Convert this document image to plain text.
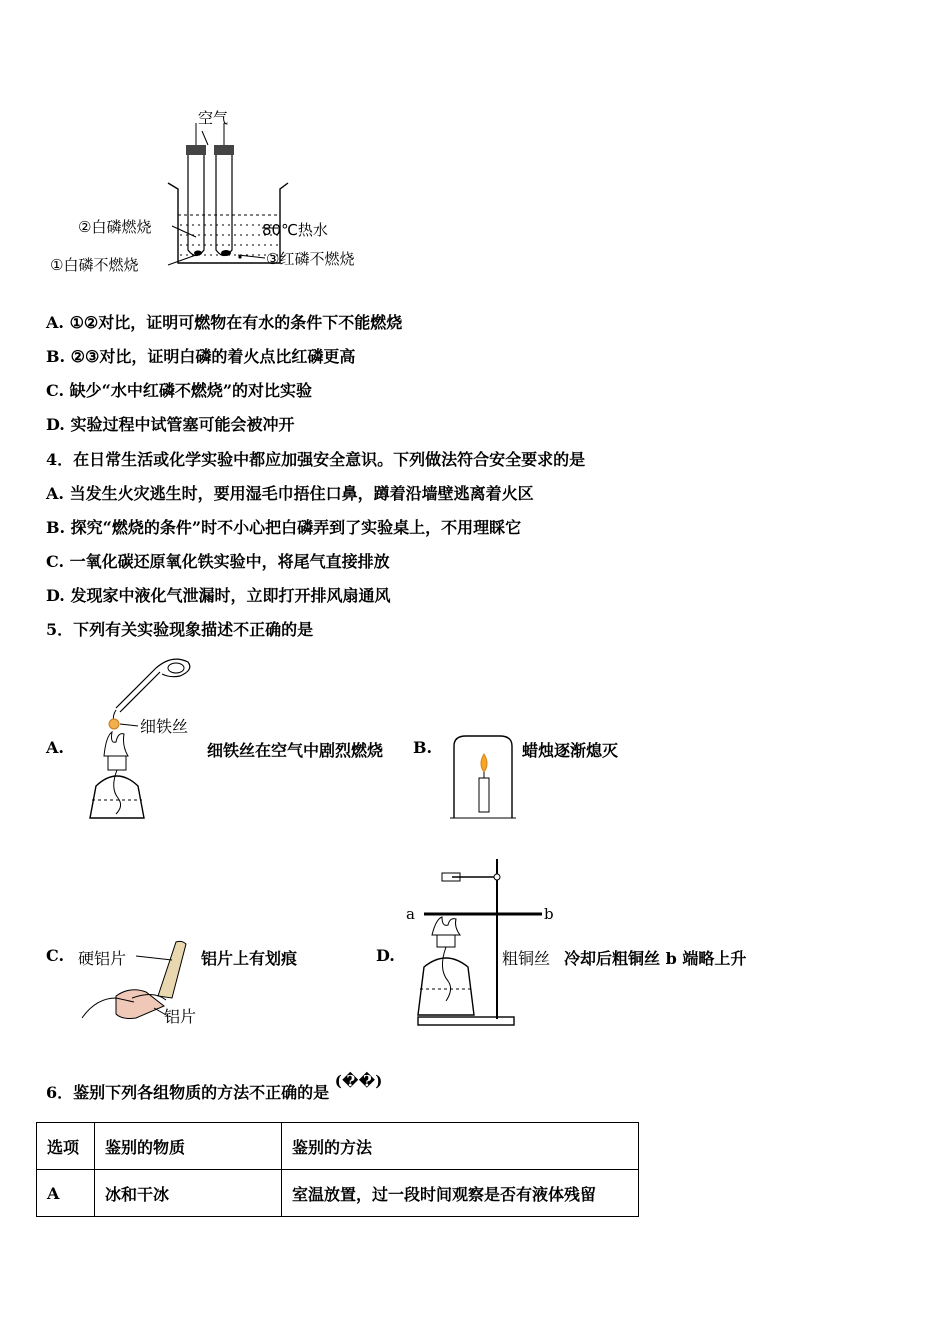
空气
②白磷燃烧
①白磷不燃烧
80℃热水
③红磷不燃烧
A. ①②对比，证明可燃物在有水的条件下不能燃烧
B. ②③对比，证明白磷的着火点比红磷更高
C. 缺少“水中红磷不燃烧”的对比实验
D. 实验过程中试管塞可能会被冲开
4．在日常生活或化学实验中都应加强安全意识。下列做法符合安全要求的是
A. 当发生火灾逃生时，要用湿毛巾捂住口鼻，蹲着沿墙壁逃离着火区
B. 探究“燃烧的条件”时不小心把白磷弄到了实验桌上，不用理睬它
C. 一氧化碳还原氧化铁实验中，将尾气直接排放
D. 发现家中液化气泄漏时，立即打开排风扇通风
5．下列有关实验现象描述不正确的是
A.
细铁丝
细铁丝在空气中剧烈燃烧 B.	蜡烛逐渐熄灭
C. 硬铝片
铝片
铝片上有划痕	D.
a	b
粗铜丝 冷却后粗铜丝 b 端略上升
6．鉴别下列各组物质的方法不正确的是 (��)
选项	鉴别的物质	鉴别的方法
A	冰和干冰	室温放置，过一段时间观察是否有液体残留
